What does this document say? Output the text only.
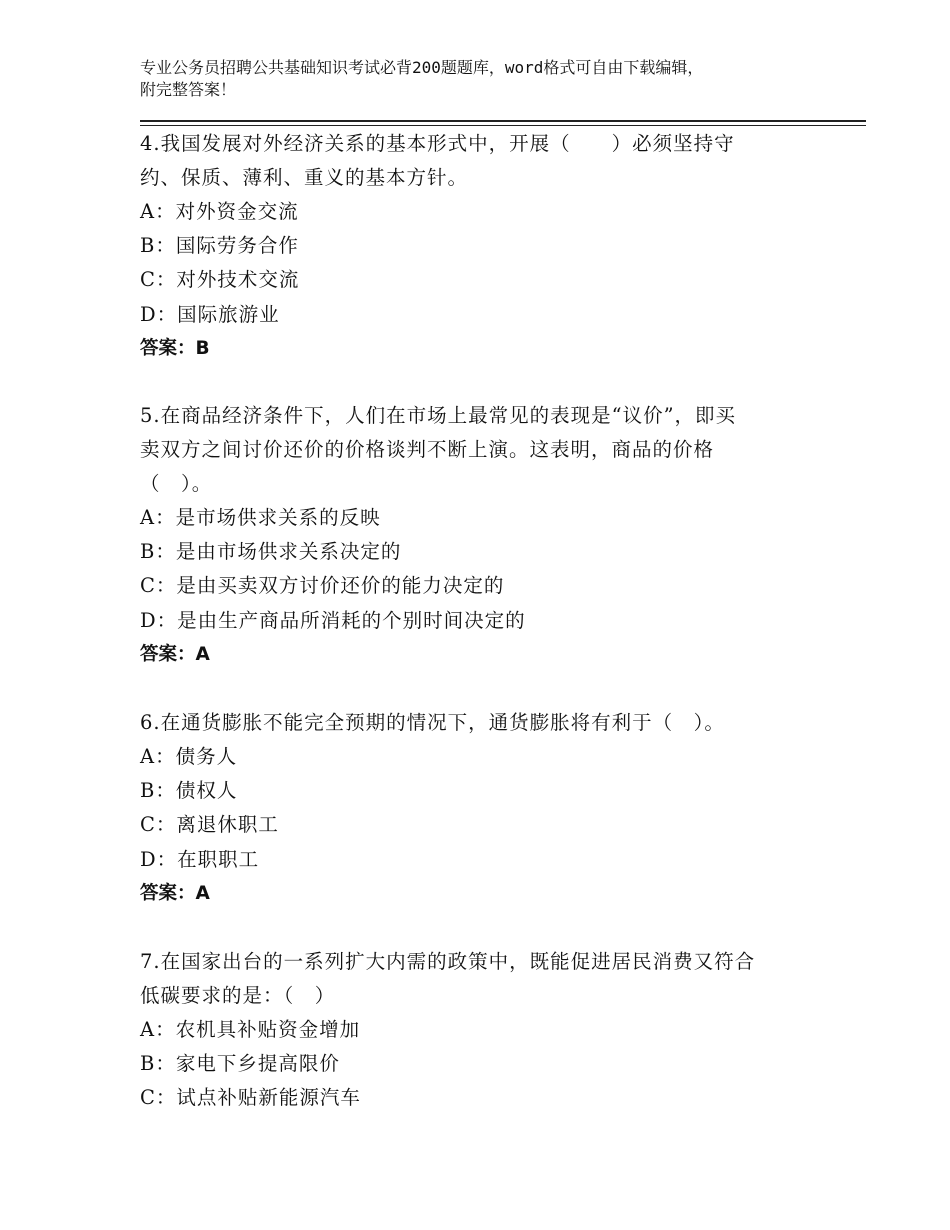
专业公务员招聘公共基础知识考试必背200题题库，word格式可自由下载编辑，
附完整答案！

4.我国发展对外经济关系的基本形式中，开展（　　）必须坚持守

约、保质、薄利、重义的基本方针。

A：对外资金交流

B：国际劳务合作

C：对外技术交流

D：国际旅游业

答案：B

5.在商品经济条件下，人们在市场上最常见的表现是“议价”，即买

卖双方之间讨价还价的价格谈判不断上演。这表明，商品的价格

（　）。

A：是市场供求关系的反映

B：是由市场供求关系决定的

C：是由买卖双方讨价还价的能力决定的

D：是由生产商品所消耗的个别时间决定的

答案：A

6.在通货膨胀不能完全预期的情况下，通货膨胀将有利于（　）。

A：债务人

B：债权人

C：离退休职工

D：在职职工

答案：A

7.在国家出台的一系列扩大内需的政策中，既能促进居民消费又符合

低碳要求的是：（　）

A：农机具补贴资金增加

B：家电下乡提高限价

C：试点补贴新能源汽车
